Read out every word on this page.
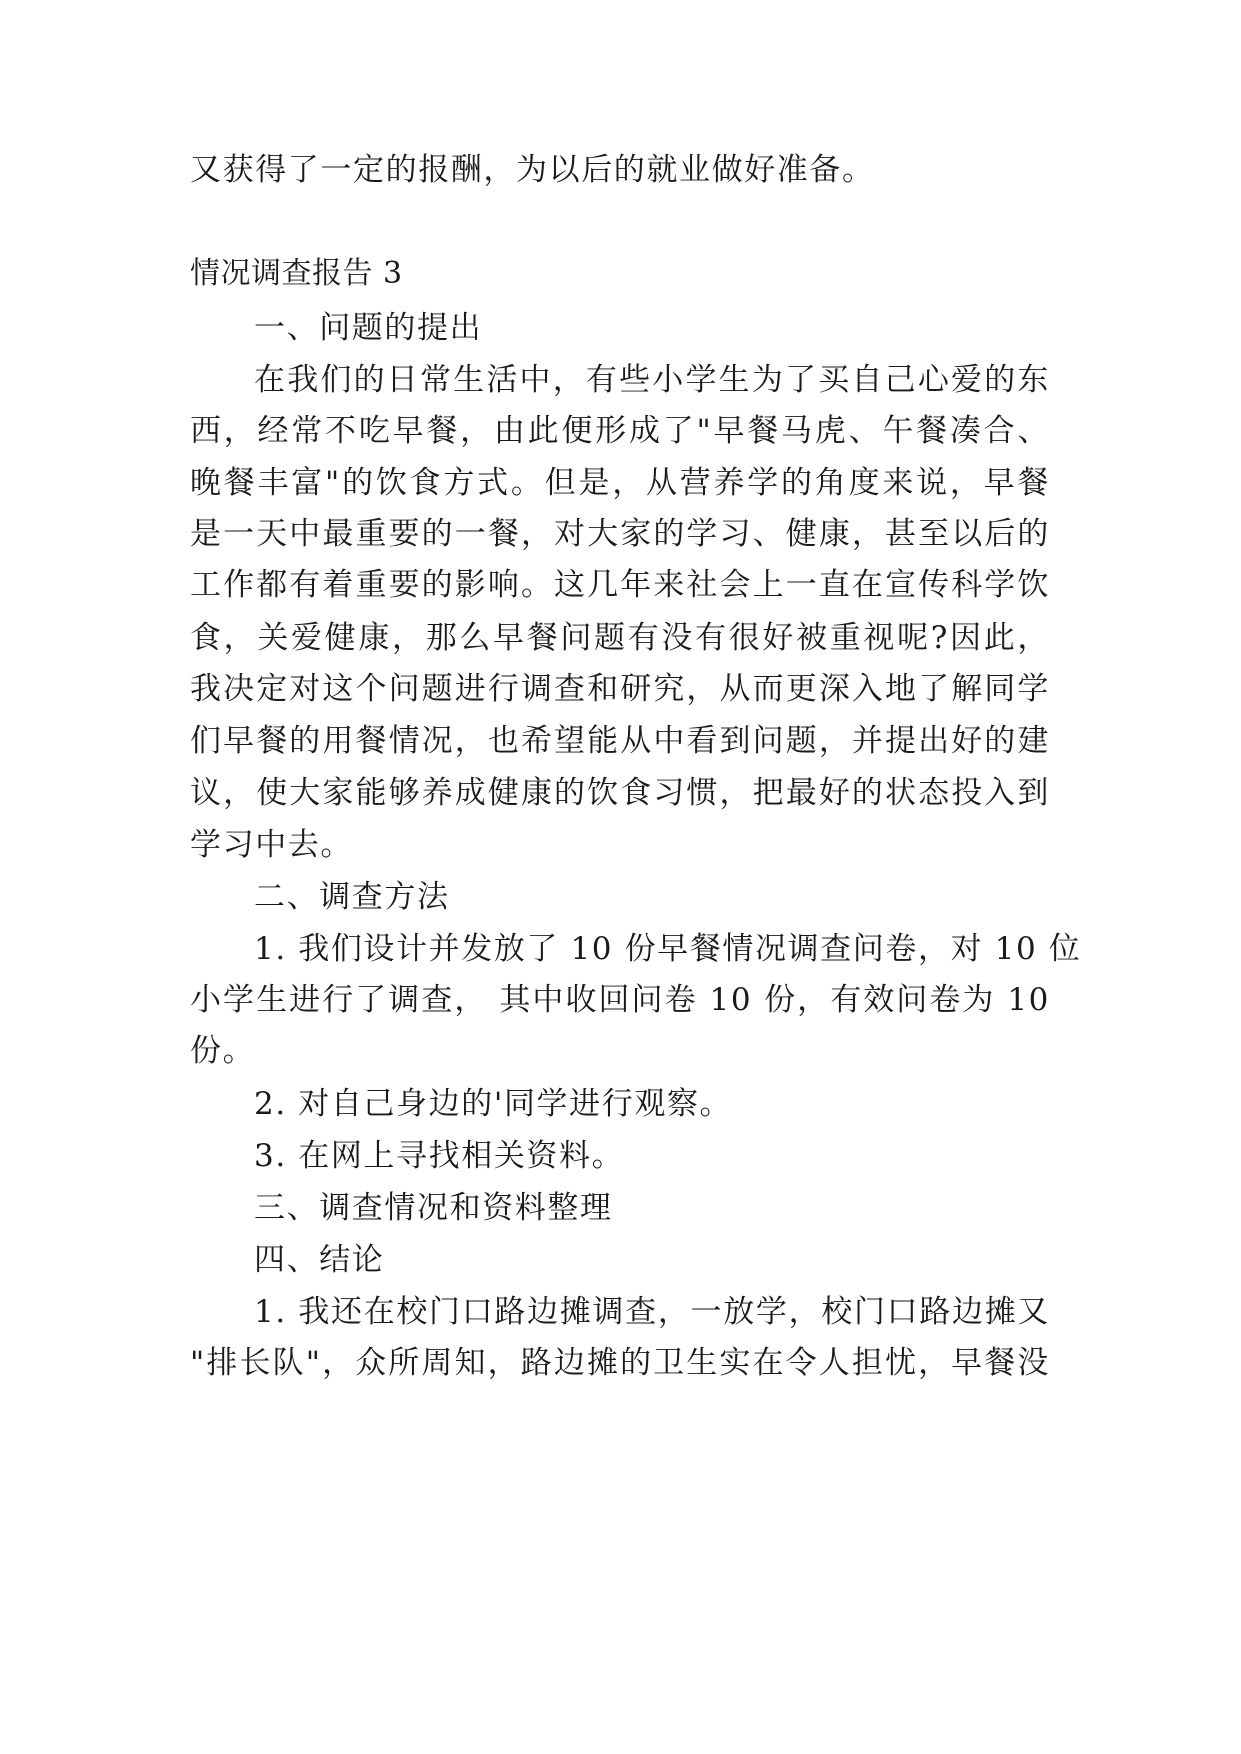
又获得了一定的报酬，为以后的就业做好准备。
情况调查报告 3
一、问题的提出
在我们的日常生活中，有些小学生为了买自己心爱的东
西，经常不吃早餐，由此便形成了"早餐马虎、午餐凑合、
晚餐丰富"的饮食方式。但是，从营养学的角度来说，早餐
是一天中最重要的一餐，对大家的学习、健康，甚至以后的
工作都有着重要的影响。这几年来社会上一直在宣传科学饮
食，关爱健康，那么早餐问题有没有很好被重视呢?因此，
我决定对这个问题进行调查和研究，从而更深入地了解同学
们早餐的用餐情况，也希望能从中看到问题，并提出好的建
议，使大家能够养成健康的饮食习惯，把最好的状态投入到
学习中去。
二、调查方法
1. 我们设计并发放了 10 份早餐情况调查问卷，对 10 位
小学生进行了调查， 其中收回问卷 10 份，有效问卷为 10
份。
2. 对自己身边的'同学进行观察。
3. 在网上寻找相关资料。
三、调查情况和资料整理
四、结论
1. 我还在校门口路边摊调查，一放学，校门口路边摊又
"排长队"，众所周知，路边摊的卫生实在令人担忧，早餐没
